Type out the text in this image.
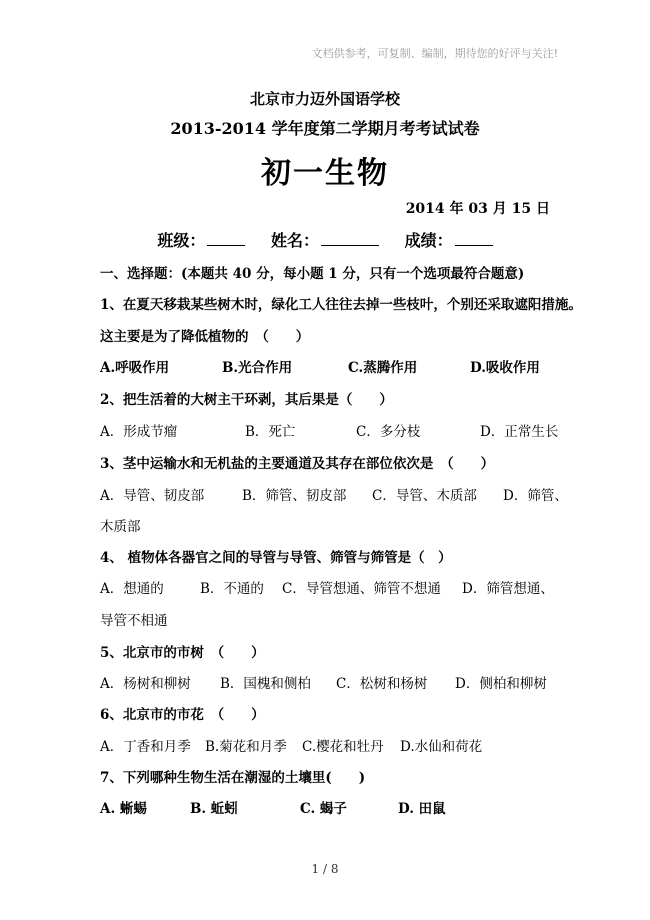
文档供参考，可复制、编制，期待您的好评与关注!
北京市力迈外国语学校
2013-2014 学年度第二学期月考考试试卷
初一生物
2014 年 03 月 15 日
班级：	姓名：	成绩：
一、选择题：(本题共 40 分，每小题 1 分，只有一个选项最符合题意)
1、在夏天移栽某些树木时，绿化工人往往去掉一些枝叶，个别还采取遮阳措施。
这主要是为了降低植物的　（　　）
A.呼吸作用	B.光合作用	C.蒸腾作用	D.吸收作用
2、把生活着的大树主干环剥，其后果是（　　）
A．形成节瘤	B．死亡	C．多分枝	D．正常生长
3、茎中运输水和无机盐的主要通道及其存在部位依次是　（　　）
A．导管、韧皮部	B．筛管、韧皮部 C．导管、木质部 D．筛管、
木质部
4、 植物体各器官之间的导管与导管、筛管与筛管是（　）
A．想通的	B．不通的 C．导管想通、筛管不想通 D．筛管想通、
导管不相通
5、北京市的市树　（　　）
A．杨树和柳树 B．国槐和侧柏 C．松树和杨树 D．侧柏和柳树
6、北京市的市花　（　　）
A．丁香和月季 B.菊花和月季 C.樱花和牡丹 D.水仙和荷花
7、下列哪种生物生活在潮湿的土壤里(　　)
A. 蜥蜴	B. 蚯蚓	C. 蝎子	D. 田鼠
1 / 8
